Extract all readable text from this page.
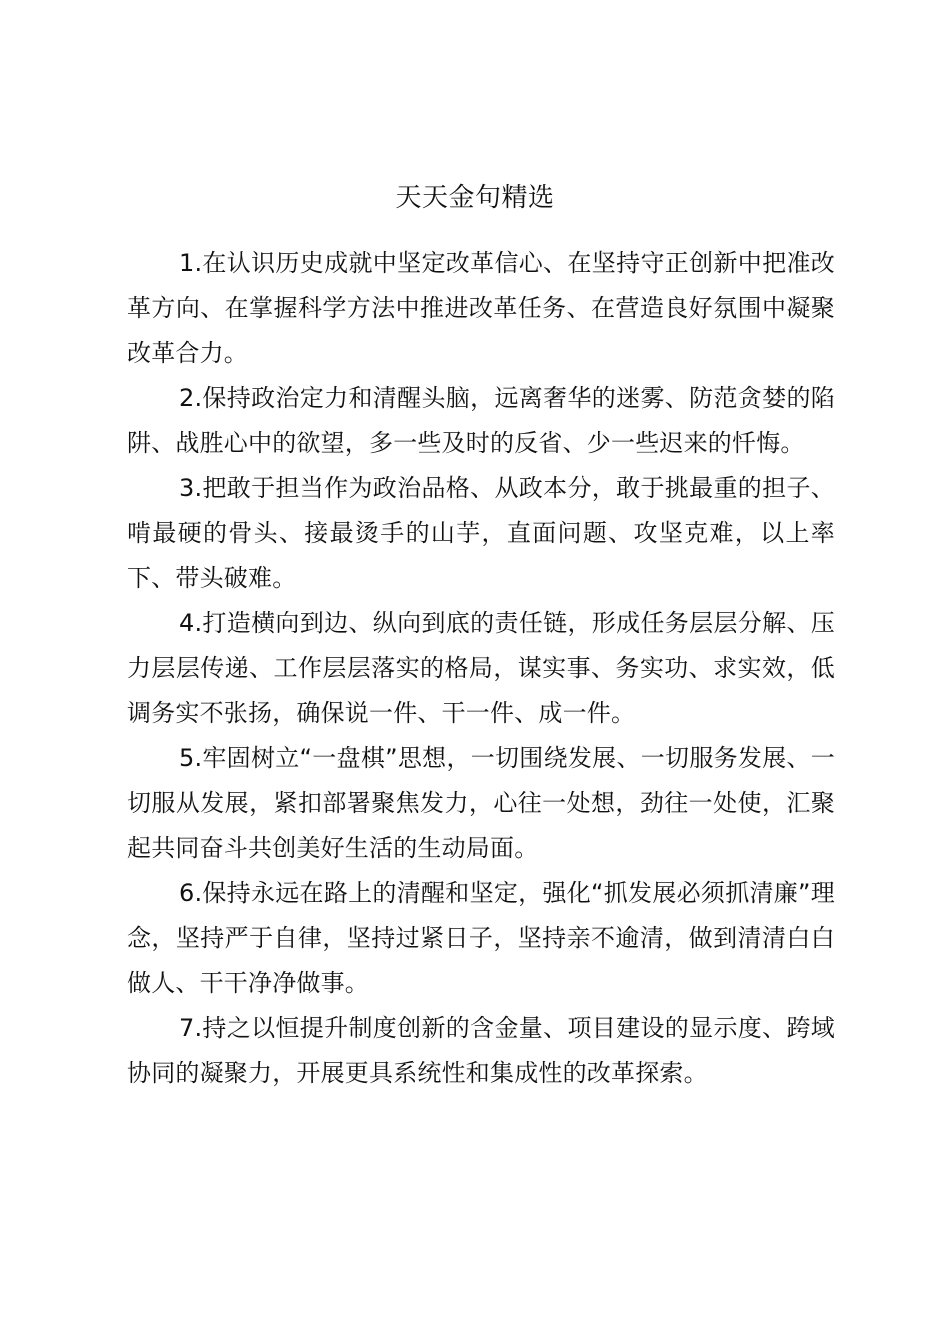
天天金句精选

1.在认识历史成就中坚定改革信心、在坚持守正创新中把准改革方向、在掌握科学方法中推进改革任务、在营造良好氛围中凝聚改革合力。

2.保持政治定力和清醒头脑，远离奢华的迷雾、防范贪婪的陷阱、战胜心中的欲望，多一些及时的反省、少一些迟来的忏悔。

3.把敢于担当作为政治品格、从政本分，敢于挑最重的担子、啃最硬的骨头、接最烫手的山芋，直面问题、攻坚克难，以上率下、带头破难。

4.打造横向到边、纵向到底的责任链，形成任务层层分解、压力层层传递、工作层层落实的格局，谋实事、务实功、求实效，低调务实不张扬，确保说一件、干一件、成一件。

5.牢固树立“一盘棋”思想，一切围绕发展、一切服务发展、一切服从发展，紧扣部署聚焦发力，心往一处想，劲往一处使，汇聚起共同奋斗共创美好生活的生动局面。

6.保持永远在路上的清醒和坚定，强化“抓发展必须抓清廉”理念，坚持严于自律，坚持过紧日子，坚持亲不逾清，做到清清白白做人、干干净净做事。

7.持之以恒提升制度创新的含金量、项目建设的显示度、跨域协同的凝聚力，开展更具系统性和集成性的改革探索。
